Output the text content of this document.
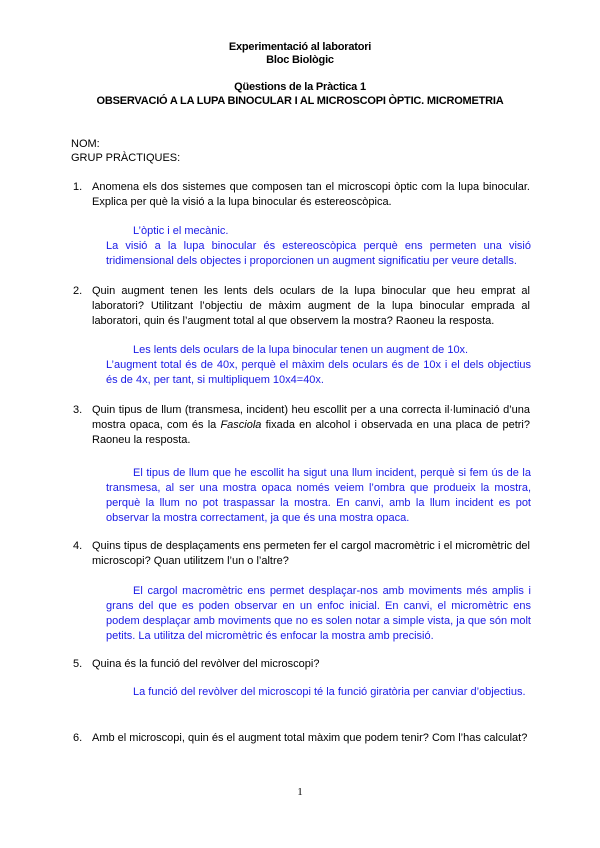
Experimentació al laboratori
Bloc Biològic
Qüestions de la Pràctica 1
OBSERVACIÓ A LA LUPA BINOCULAR I AL MICROSCOPI ÒPTIC. MICROMETRIA
NOM:
GRUP PRÀCTIQUES:
1. Anomena els dos sistemes que composen tan el microscopi òptic com la lupa binocular. Explica per què la visió a la lupa binocular és estereoscòpica.

L’òptic i el mecànic.
La visió a la lupa binocular és estereoscòpica perquè ens permeten una visió tridimensional dels objectes i proporcionen un augment significatiu per veure detalls.
2. Quin augment tenen les lents dels oculars de la lupa binocular que heu emprat al laboratori? Utilitzant l’objectiu de màxim augment de la lupa binocular emprada al laboratori, quin és l’augment total al que observem la mostra? Raoneu la resposta.

Les lents dels oculars de la lupa binocular tenen un augment de 10x.
L’augment total és de 40x, perquè el màxim dels oculars és de 10x i el dels objectius és de 4x, per tant, si multipliquem 10x4=40x.
3. Quin tipus de llum (transmesa, incident) heu escollit per a una correcta il·luminació d’una mostra opaca, com és la Fasciola fixada en alcohol i observada en una placa de petri? Raoneu la resposta.

El tipus de llum que he escollit ha sigut una llum incident, perquè si fem ús de la transmesa, al ser una mostra opaca només veiem l’ombra que produeix la mostra, perquè la llum no pot traspassar la mostra. En canvi, amb la llum incident es pot observar la mostra correctament, ja que és una mostra opaca.
4. Quins tipus de desplaçaments ens permeten fer el cargol macromètric i el micromètric del microscopi? Quan utilitzem l’un o l’altre?

El cargol macromètric ens permet desplaçar-nos amb moviments més amplis i grans del que es poden observar en un enfoc inicial. En canvi, el micromètric ens podem desplaçar amb moviments que no es solen notar a simple vista, ja que són molt petits. La utilitza del micromètric és enfocar la mostra amb precisió.
5. Quina és la funció del revòlver del microscopi?

La funció del revòlver del microscopi té la funció giratòria per canviar d’objectius.
6. Amb el microscopi, quin és el augment total màxim que podem tenir? Com l’has calculat?

1
